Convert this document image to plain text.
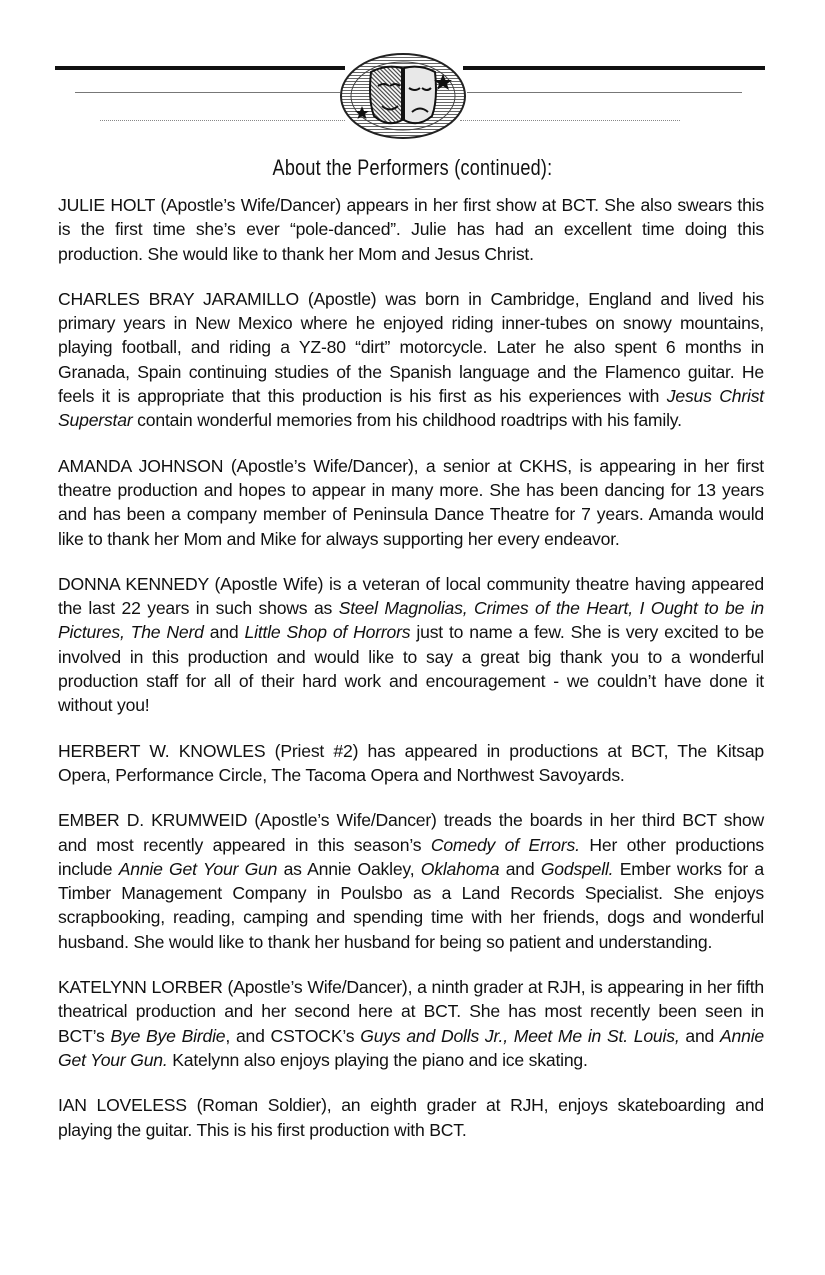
About the Performers (continued):

JULIE HOLT (Apostle’s Wife/Dancer) appears in her first show at BCT. She also swears this is the first time she’s ever “pole-danced”. Julie has had an excellent time doing this production. She would like to thank her Mom and Jesus Christ.

CHARLES BRAY JARAMILLO (Apostle) was born in Cambridge, England and lived his primary years in New Mexico where he enjoyed riding inner-tubes on snowy mountains, playing football, and riding a YZ-80 “dirt” motorcycle. Later he also spent 6 months in Granada, Spain continuing studies of the Spanish language and the Flamenco guitar. He feels it is appropriate that this production is his first as his experiences with Jesus Christ Superstar contain wonderful memories from his childhood roadtrips with his family.

AMANDA JOHNSON (Apostle’s Wife/Dancer), a senior at CKHS, is appearing in her first theatre production and hopes to appear in many more. She has been dancing for 13 years and has been a company member of Peninsula Dance Theatre for 7 years. Amanda would like to thank her Mom and Mike for always supporting her every endeavor.

DONNA KENNEDY (Apostle Wife) is a veteran of local community theatre having appeared the last 22 years in such shows as Steel Magnolias, Crimes of the Heart, I Ought to be in Pictures, The Nerd and Little Shop of Horrors just to name a few. She is very excited to be involved in this production and would like to say a great big thank you to a wonderful production staff for all of their hard work and encouragement - we couldn’t have done it without you!

HERBERT W. KNOWLES (Priest #2) has appeared in productions at BCT, The Kitsap Opera, Performance Circle, The Tacoma Opera and Northwest Savoyards.

EMBER D. KRUMWEID (Apostle’s Wife/Dancer) treads the boards in her third BCT show and most recently appeared in this season’s Comedy of Errors. Her other productions include Annie Get Your Gun as Annie Oakley, Oklahoma and Godspell. Ember works for a Timber Management Company in Poulsbo as a Land Records Specialist. She enjoys scrapbooking, reading, camping and spending time with her friends, dogs and wonderful husband. She would like to thank her husband for being so patient and understanding.

KATELYNN LORBER (Apostle’s Wife/Dancer), a ninth grader at RJH, is appearing in her fifth theatrical production and her second here at BCT. She has most recently been seen in BCT’s Bye Bye Birdie, and CSTOCK’s Guys and Dolls Jr., Meet Me in St. Louis, and Annie Get Your Gun. Katelynn also enjoys playing the piano and ice skating.

IAN LOVELESS (Roman Soldier), an eighth grader at RJH, enjoys skateboarding and playing the guitar. This is his first production with BCT.
